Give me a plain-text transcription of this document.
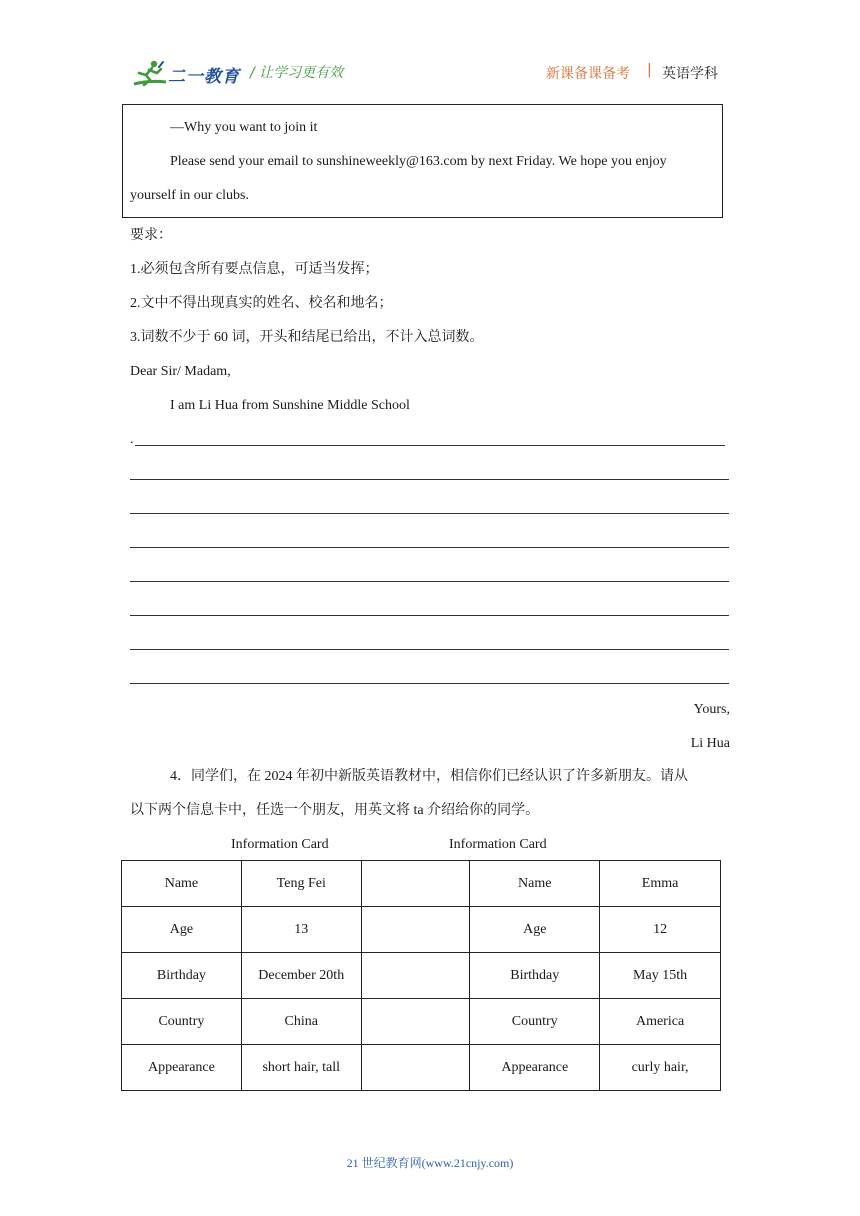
二一教育 / 让学习更有效	新课备课备考 | 英语学科
—Why you want to join it
Please send your email to sunshineweekly@163.com by next Friday. We hope you enjoy
yourself in our clubs.
要求：
1.必须包含所有要点信息，可适当发挥；
2.文中不得出现真实的姓名、校名和地名；
3.词数不少于 60 词，开头和结尾已给出，不计入总词数。
Dear Sir/ Madam,
I am Li Hua from Sunshine Middle School
.
Yours,
Li Hua
4．同学们，在 2024 年初中新版英语教材中，相信你们已经认识了许多新朋友。请从
以下两个信息卡中，任选一个朋友，用英文将 ta 介绍给你的同学。
Information Card	Information Card
Name	Teng Fei		Name	Emma
Age	13		Age	12
Birthday	December 20th		Birthday	May 15th
Country	China		Country	America
Appearance	short hair, tall		Appearance	curly hair,
21 世纪教育网(www.21cnjy.com)
